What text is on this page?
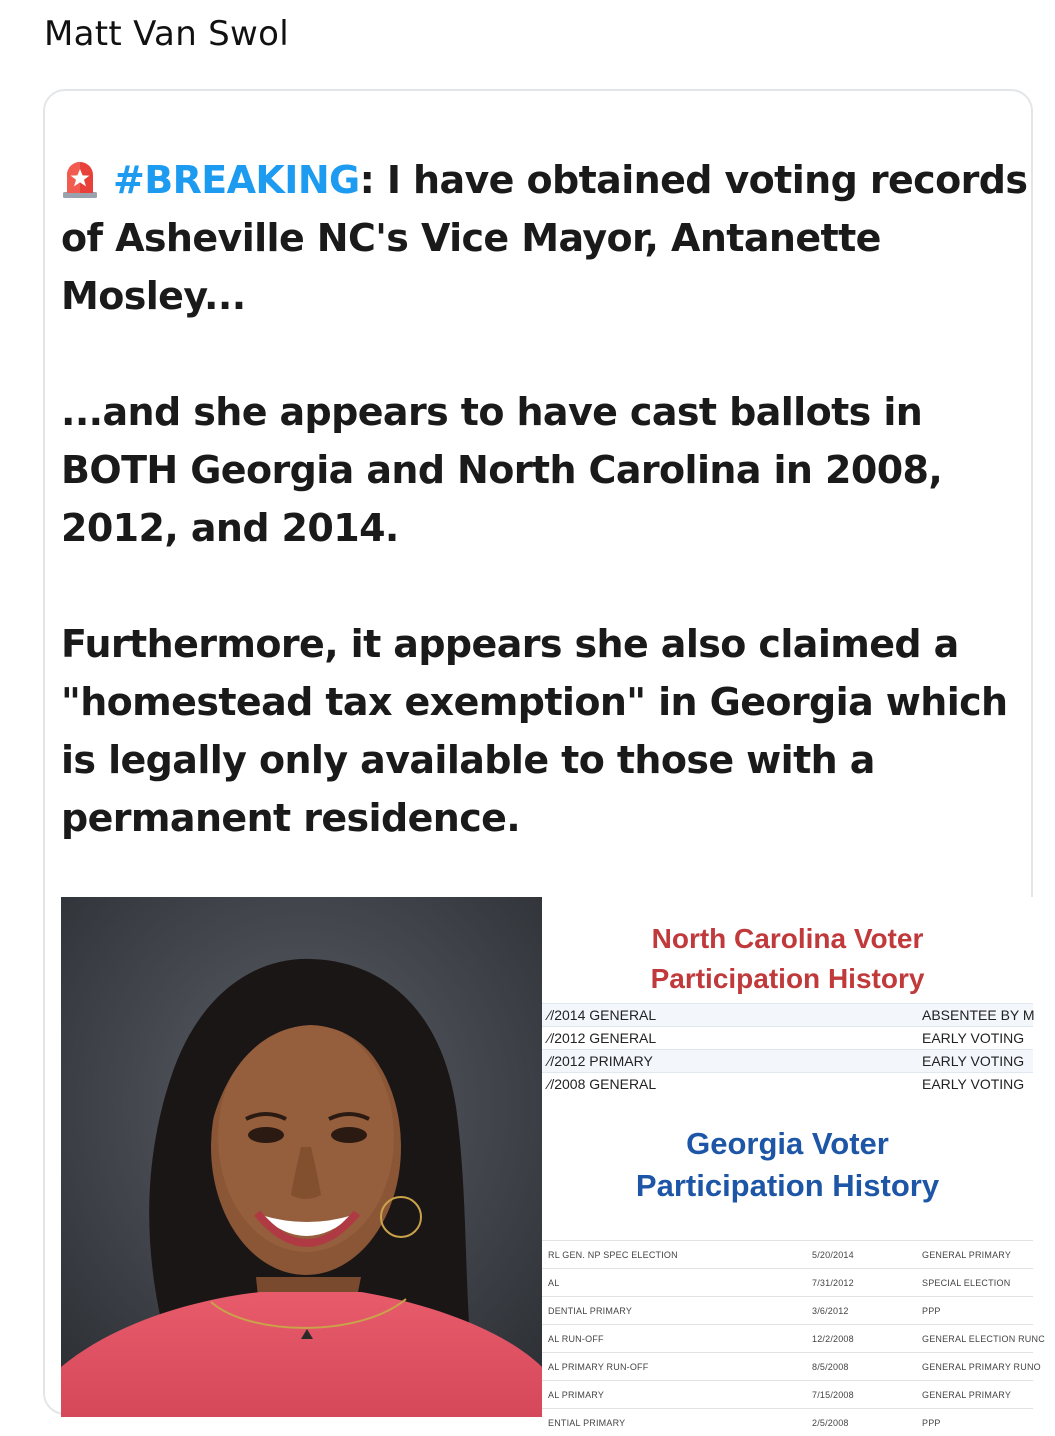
Matt Van Swol

#BREAKING: I have obtained voting records of Asheville NC's Vice Mayor, Antanette Mosley...

...and she appears to have cast ballots in BOTH Georgia and North Carolina in 2008, 2012, and 2014.

Furthermore, it appears she also claimed a "homestead tax exemption" in Georgia which is legally only available to those with a permanent residence.

North Carolina Voter
Participation History
⁄/2014 GENERAL	ABSENTEE BY M
⁄/2012 GENERAL	EARLY VOTING
⁄/2012 PRIMARY	EARLY VOTING
⁄/2008 GENERAL	EARLY VOTING
Georgia Voter
Participation History
RL GEN. NP SPEC ELECTION	5/20/2014	GENERAL PRIMARY
AL	7/31/2012	SPECIAL ELECTION
DENTIAL PRIMARY	3/6/2012	PPP
AL RUN-OFF	12/2/2008	GENERAL ELECTION RUNC
AL PRIMARY RUN-OFF	8/5/2008	GENERAL PRIMARY RUNO
AL PRIMARY	7/15/2008	GENERAL PRIMARY
ENTIAL PRIMARY	2/5/2008	PPP
